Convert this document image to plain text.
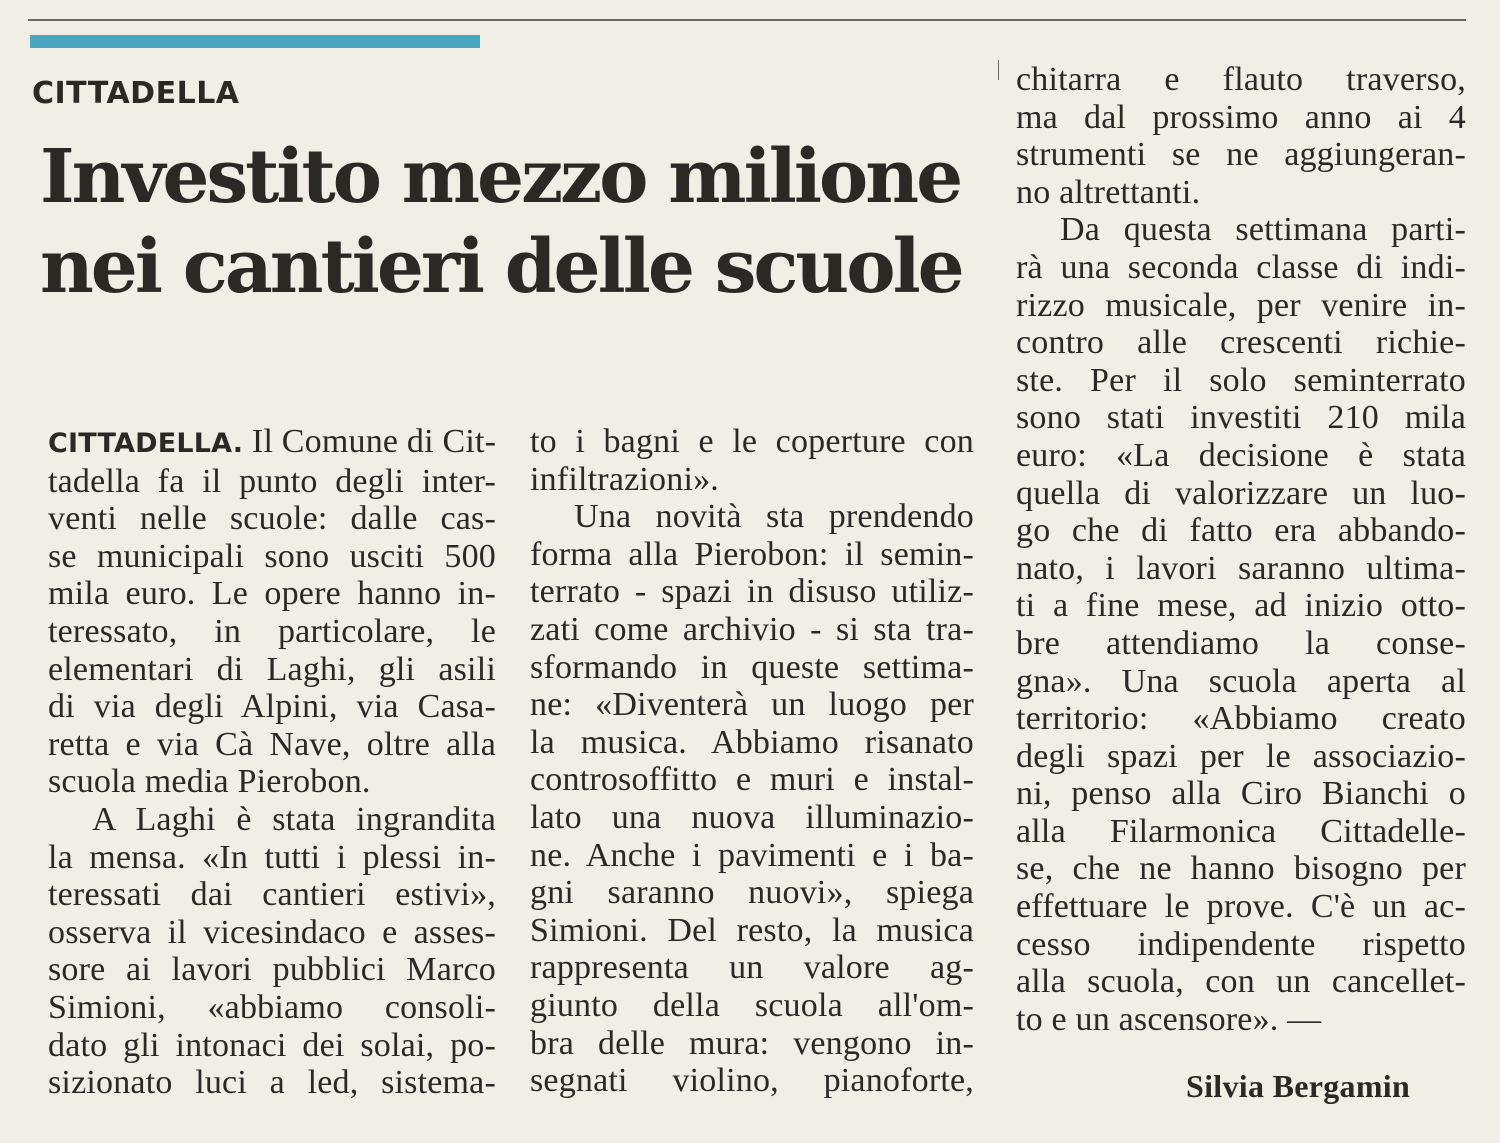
CITTADELLA
Investito mezzo milione
nei cantieri delle scuole
CITTADELLA. Il Comune di Cit-
tadella fa il punto degli inter-
venti nelle scuole: dalle cas-
se municipali sono usciti 500
mila euro. Le opere hanno in-
teressato, in particolare, le
elementari di Laghi, gli asili
di via degli Alpini, via Casa-
retta e via Cà Nave, oltre alla
scuola media Pierobon.
A Laghi è stata ingrandita
la mensa. «In tutti i plessi in-
teressati dai cantieri estivi»,
osserva il vicesindaco e asses-
sore ai lavori pubblici Marco
Simioni, «abbiamo consoli-
dato gli intonaci dei solai, po-
sizionato luci a led, sistema-
to i bagni e le coperture con
infiltrazioni».
Una novità sta prendendo
forma alla Pierobon: il semin-
terrato - spazi in disuso utiliz-
zati come archivio - si sta tra-
sformando in queste settima-
ne: «Diventerà un luogo per
la musica. Abbiamo risanato
controsoffitto e muri e instal-
lato una nuova illuminazio-
ne. Anche i pavimenti e i ba-
gni saranno nuovi», spiega
Simioni. Del resto, la musica
rappresenta un valore ag-
giunto della scuola all'om-
bra delle mura: vengono in-
segnati violino, pianoforte,
chitarra e flauto traverso,
ma dal prossimo anno ai 4
strumenti se ne aggiungeran-
no altrettanti.
Da questa settimana parti-
rà una seconda classe di indi-
rizzo musicale, per venire in-
contro alle crescenti richie-
ste. Per il solo seminterrato
sono stati investiti 210 mila
euro: «La decisione è stata
quella di valorizzare un luo-
go che di fatto era abbando-
nato, i lavori saranno ultima-
ti a fine mese, ad inizio otto-
bre attendiamo la conse-
gna». Una scuola aperta al
territorio: «Abbiamo creato
degli spazi per le associazio-
ni, penso alla Ciro Bianchi o
alla Filarmonica Cittadelle-
se, che ne hanno bisogno per
effettuare le prove. C'è un ac-
cesso indipendente rispetto
alla scuola, con un cancellet-
to e un ascensore». —
Silvia Bergamin
